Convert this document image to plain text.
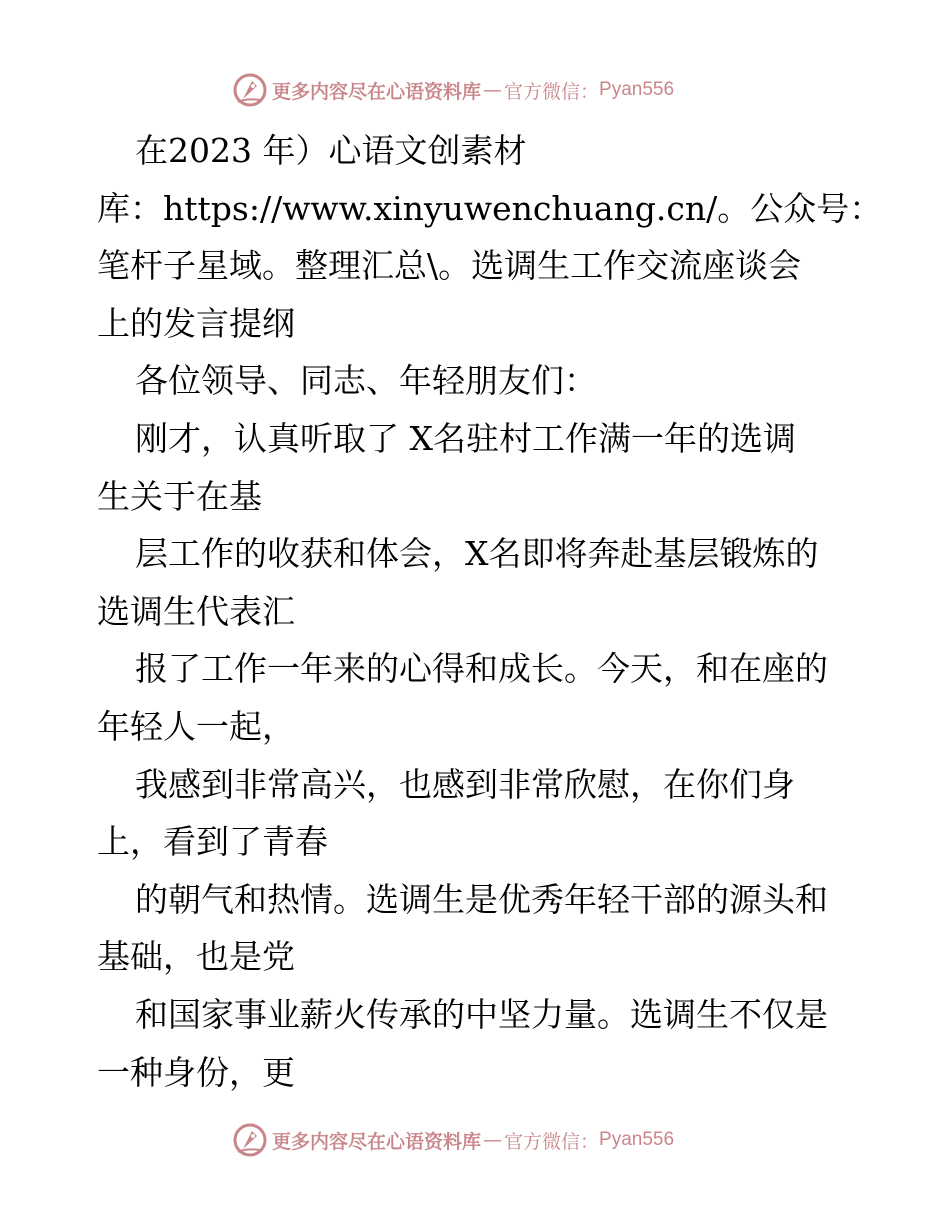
更多内容尽在心语资料库 — 官方微信： Pyan556
在2023 年）心语文创素材
库：https://www.xinyuwenchuang.cn/。公众号：
笔杆子星域。整理汇总\。选调生工作交流座谈会
上的发言提纲
各位领导、同志、年轻朋友们：
刚才，认真听取了 X名驻村工作满一年的选调
生关于在基
层工作的收获和体会，X名即将奔赴基层锻炼的
选调生代表汇
报了工作一年来的心得和成长。今天，和在座的
年轻人一起，
我感到非常高兴，也感到非常欣慰，在你们身
上，看到了青春
的朝气和热情。选调生是优秀年轻干部的源头和
基础，也是党
和国家事业薪火传承的中坚力量。选调生不仅是
一种身份，更
更多内容尽在心语资料库 — 官方微信： Pyan556
